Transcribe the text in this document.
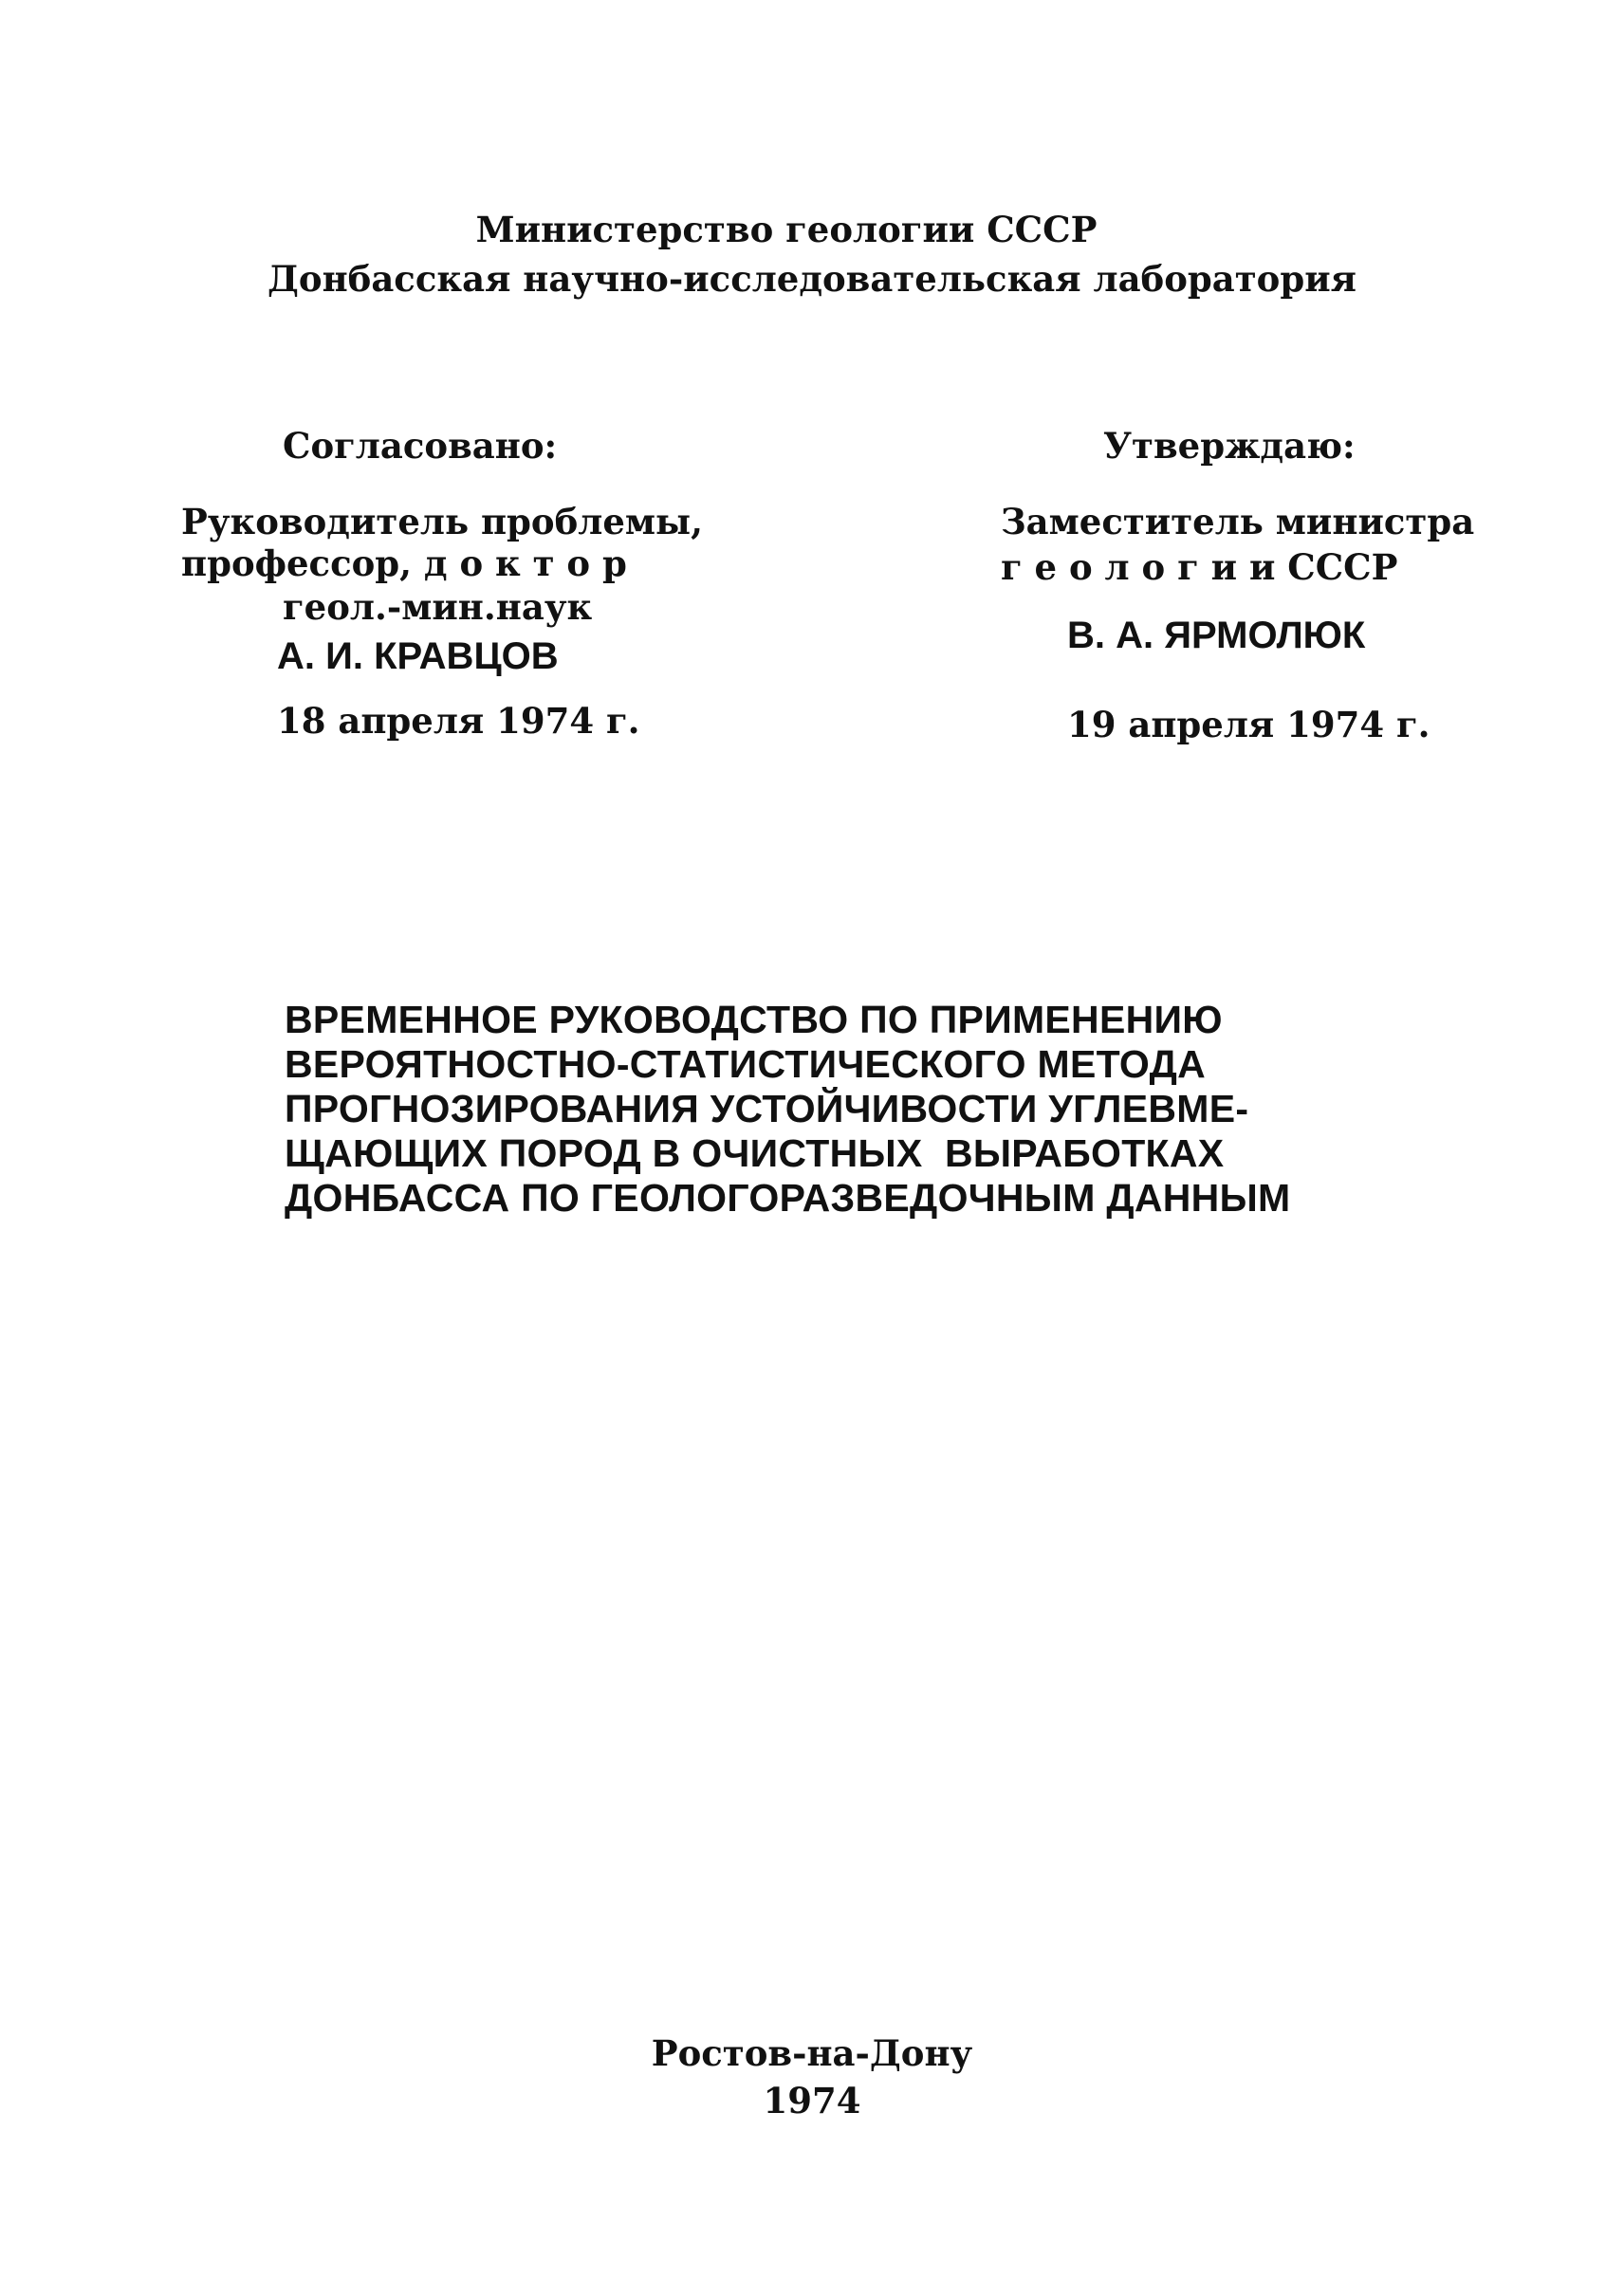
Министерство геологии СССР
Донбасская научно-исследовательская лаборатория
Согласовано:
Руководитель проблемы,
профессор, д о к т о р
геол.-мин.наук
А. И. КРАВЦОВ
18 апреля 1974 г.
Утверждаю:
Заместитель министра
г е о л о г и и СССР
В. А. ЯРМОЛЮК
19 апреля 1974 г.
ВРЕМЕННОЕ РУКОВОДСТВО ПО ПРИМЕНЕНИЮ
ВЕРОЯТНОСТНО-СТАТИСТИЧЕСКОГО МЕТОДА
ПРОГНОЗИРОВАНИЯ УСТОЙЧИВОСТИ УГЛЕВМЕ-
ЩАЮЩИХ ПОРОД В ОЧИСТНЫХ  ВЫРАБОТКАХ
ДОНБАССА ПО ГЕОЛОГОРАЗВЕДОЧНЫМ ДАННЫМ
Ростов-на-Дону
1974
